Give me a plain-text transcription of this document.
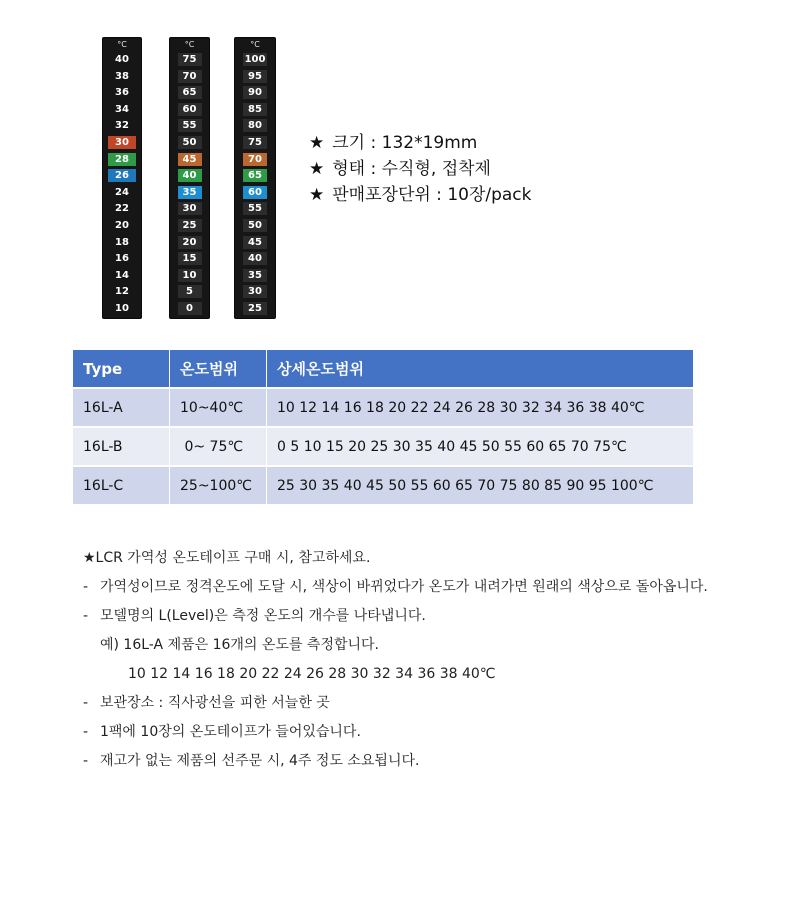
°C
40
38
36
34
32
30
28
26
24
22
20
18
16
14
12
10
°C
75
70
65
60
55
50
45
40
35
30
25
20
15
10
5
0
°C
100
95
90
85
80
75
70
65
60
55
50
45
40
35
30
25
★ 크기 : 132*19mm
★ 형태 : 수직형, 접착제
★ 판매포장단위 : 10장/pack
Type	온도범위	상세온도범위
16L-A	10~40℃	10 12 14 16 18 20 22 24 26 28 30 32 34 36 38 40℃
16L-B	0~ 75℃	0 5 10 15 20 25 30 35 40 45 50 55 60 65 70 75℃
16L-C	25~100℃	25 30 35 40 45 50 55 60 65 70 75 80 85 90 95 100℃
★LCR 가역성 온도테이프 구매 시, 참고하세요.
- 가역성이므로 정격온도에 도달 시, 색상이 바뀌었다가 온도가 내려가면 원래의 색상으로 돌아옵니다.
- 모델명의 L(Level)은 측정 온도의 개수를 나타냅니다.
예) 16L-A 제품은 16개의 온도를 측정합니다.
10 12 14 16 18 20 22 24 26 28 30 32 34 36 38 40℃
- 보관장소 : 직사광선을 피한 서늘한 곳
- 1팩에 10장의 온도테이프가 들어있습니다.
- 재고가 없는 제품의 선주문 시, 4주 정도 소요됩니다.
